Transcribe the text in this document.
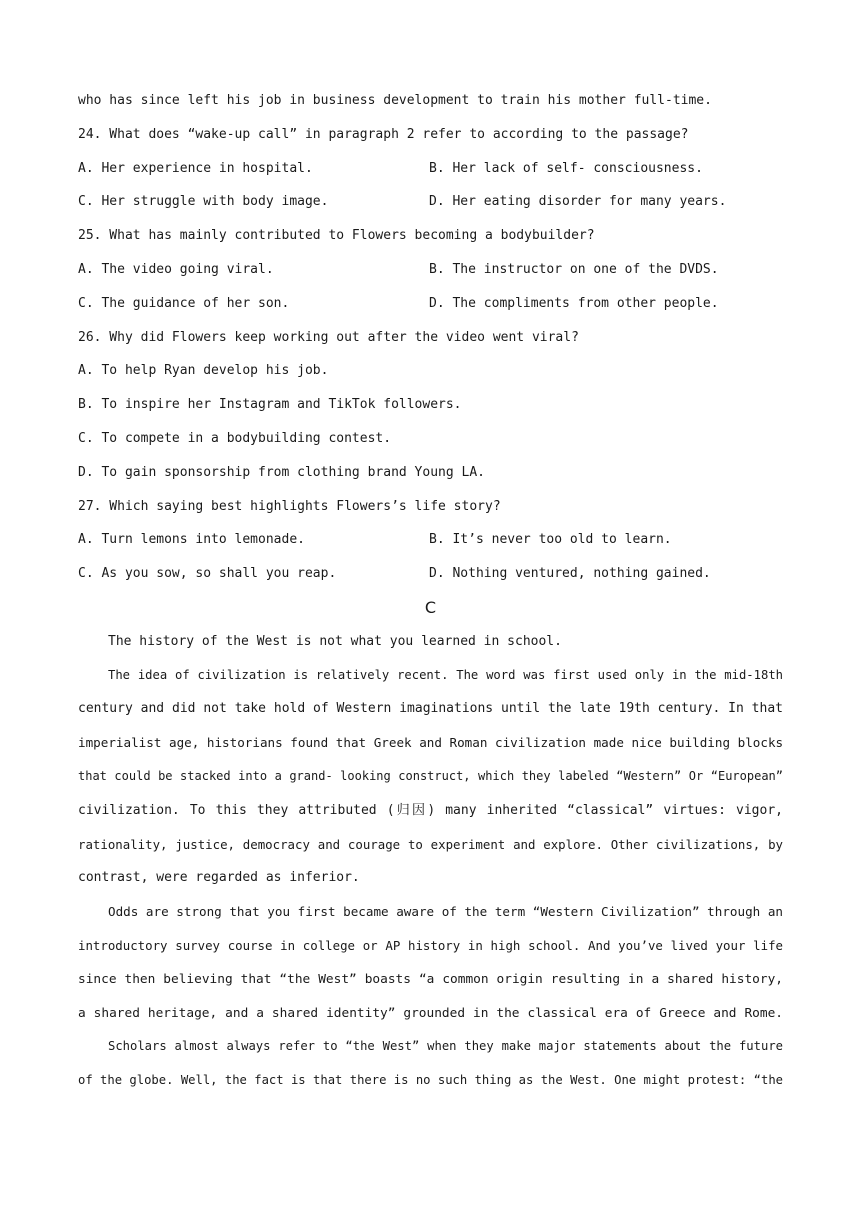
who has since left his job in business development to train his mother full-time.
24. What does “wake-up call” in paragraph 2 refer to according to the passage?
A. Her experience in hospital.	B. Her lack of self- consciousness.
C. Her struggle with body image.	D. Her eating disorder for many years.
25. What has mainly contributed to Flowers becoming a bodybuilder?
A. The video going viral.	B. The instructor on one of the DVDS.
C. The guidance of her son.	D. The compliments from other people.
26. Why did Flowers keep working out after the video went viral?
A. To help Ryan develop his job.
B. To inspire her Instagram and TikTok followers.
C. To compete in a bodybuilding contest.
D. To gain sponsorship from clothing brand Young LA.
27. Which saying best highlights Flowers’s life story?
A. Turn lemons into lemonade.	B. It’s never too old to learn.
C. As you sow, so shall you reap.	D. Nothing ventured, nothing gained.
C
The history of the West is not what you learned in school.
The idea of civilization is relatively recent. The word was first used only in the mid-18th
century and did not take hold of Western imaginations until the late 19th century. In that
imperialist age, historians found that Greek and Roman civilization made nice building blocks
that could be stacked into a grand- looking construct, which they labeled “Western” Or “European”
civilization. To this they attributed (归因) many inherited “classical” virtues: vigor,
rationality, justice, democracy and courage to experiment and explore. Other civilizations, by
contrast, were regarded as inferior.
Odds are strong that you first became aware of the term “Western Civilization” through an
introductory survey course in college or AP history in high school. And you’ve lived your life
since then believing that “the West” boasts “a common origin resulting in a shared history,
a shared heritage, and a shared identity” grounded in the classical era of Greece and Rome.
Scholars almost always refer to “the West” when they make major statements about the future
of the globe. Well, the fact is that there is no such thing as the West. One might protest: “the
